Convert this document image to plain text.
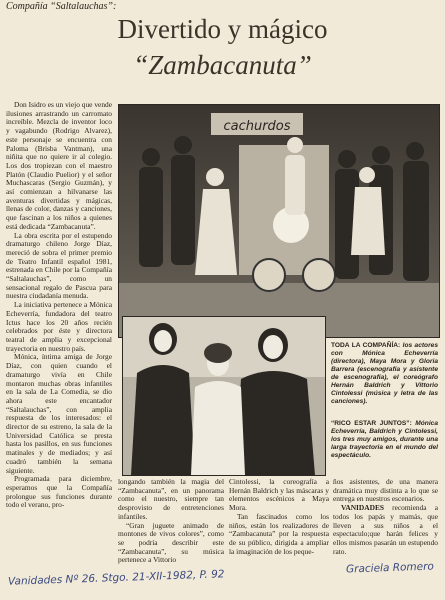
Compañía “Saltalauchas”:
Divertido y mágico
“Zambacanuta”
cachurdos

Don Isidro es un viejo que vende ilusiones arrastrando un carromato increíble. Mezcla de inventor loco y vagabundo (Rodrigo Alvarez), este personaje se encuentra con Paloma (Brisba Vantman), una niñita que no quiere ir al colegio. Los dos tropiezan con el maestro Platón (Claudio Puelior) y el señor Muchascaras (Sergio Guzmán), y así comienzan a hilvanarse las aventuras divertidas y mágicas, llenas de color, danzas y canciones, que fascinan a los niños a quienes está dedicada “Zambacanuta”.

La obra escrita por el estupendo dramaturgo chileno Jorge Díaz, mereció de sobra el primer premio de Teatro Infantil español 1981, estrenada en Chile por la Compañía “Saltalauchas”, como un sensacional regalo de Pascua para nuestra ciudadanía menuda.

La iniciativa pertenece a Mónica Echeverría, fundadora del teatro Ictus hace los 20 años recién celebrados por éste y directora teatral de amplia y excepcional trayectoria en nuestro país.

Mónica, íntima amiga de Jorge Díaz, con quien cuando el dramaturgo vivía en Chile montaron muchas obras infantiles en la sala de La Comedia, se dio ahora este encantador “Saltalauchas”, con amplia respuesta de los interesados: el director de su estreno, la sala de la Universidad Católica se presta hasta los pasillos, en sus funciones matinales y de mediados; y así cuadró también la semana siguiente.

Programada para diciembre, esperamos que la Compañía prolongue sus funciones durante todo el verano, pro-

longando también la magia del “Zambacanuta”, en un panorama como el nuestro, siempre tan desprovisto de entretenciones infantiles.

“Gran juguete animado de montones de vivos colores”, como se podría describir este “Zambacanuta”, su música pertenece a Vittorio

Cintolessi, la coreografía a Hernán Baldrich y las máscaras y elementos escénicos a Maya Mora.

Tan fascinados como los niños, están los realizadores de “Zambacanuta” por la respuesta de su público, dirigida a ampliar la imaginación de los peque-

ños asistentes, de una manera dramática muy distinta a lo que se entrega en nuestros escenarios.

VANIDADES recomienda a todos los papás y mamás, que lleven a sus niños a el espectaculo;que harán felices y ellos mismos pasarán un estupendo rato.

TODA LA COMPAÑÍA: los actores con Mónica Echeverría (directora), Maya Mora y Gloria Barrera (escenografía y asistente de escenografía), el coreógrafo Hernán Baldrich y Vittorio Cintolessi (música y letra de las canciones).
“RICO ESTAR JUNTOS”: Mónica Echeverría, Baldrich y Cintolessi, los tres muy amigos, durante una larga trayectoria en el mundo del espectáculo.
Vanidades Nº 26. Stgo. 21-XII-1982, P. 92
Graciela Romero
